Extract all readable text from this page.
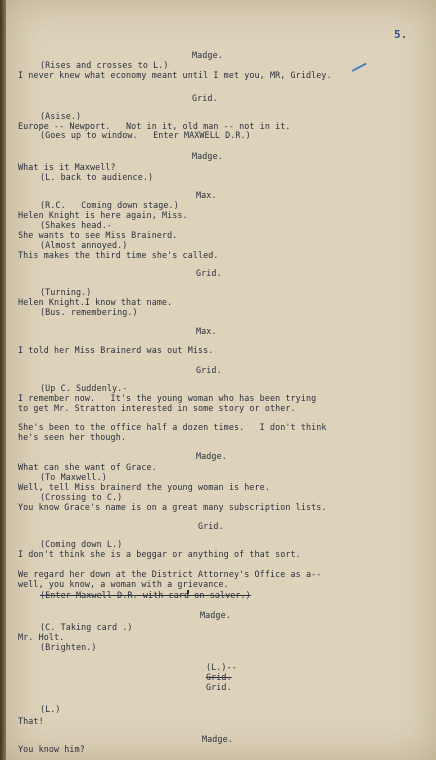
5.
Madge.
(Rises and crosses to L.)
I never knew what economy meant until I met you, MR, Gridley.
Grid.
(Asise.)
Europe -- Newport.   Not in it, old man -- not in it.
(Goes up to window.   Enter MAXWELL D.R.)
Madge.
What is it Maxwell?
(L. back to audience.)
Max.
(R.C.   Coming down stage.)
Helen Knight is here again, Miss.
(Shakes head.-
She wants to see Miss Brainerd.
(Almost annoyed.)
This makes the third time she's called.
Grid.
(Turning.)
Helen Knight.I know that name.
(Bus. remembering.)
Max.
I told her Miss Brainerd was out Miss.
Grid.
(Up C. Suddenly.-
I remember now.   It's the young woman who has been trying
to get Mr. Stratton interested in some story or other.
She's been to the office half a dozen times.   I don't think
he's seen her though.
Madge.
What can she want of Grace.
(To Maxwell.)
Well, tell Miss brainerd the young woman is here.
(Crossing to C.)
You know Grace's name is on a great many subscription lists.
Grid.
(Coming down L.)
I don't think she is a beggar or anything of that sort.
We regard her down at the District Attorney's Office as a--
well, you know, a woman with a grievance.
(Enter Maxwell D.R. with card on salver.)
Madge.
(C. Taking card .)
Mr. Holt.
(Brighten.)
(L.)--
Grid.
Grid.
(L.)
That!
Madge.
You know him?
